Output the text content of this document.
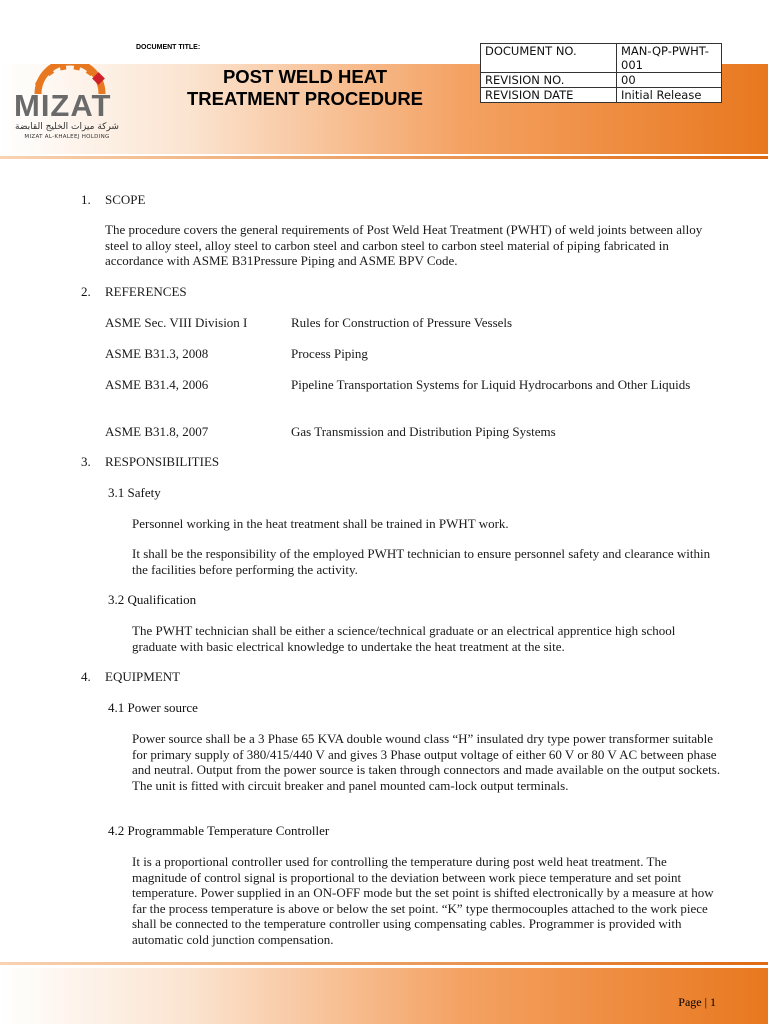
MIZAT
شركة ميزات الخليج القابضة
MIZAT AL-KHALEEJ HOLDING
DOCUMENT TITLE:
POST WELD HEAT
TREATMENT PROCEDURE
DOCUMENT NO.	MAN-QP-PWHT-001
REVISION NO.	00
REVISION DATE	Initial Release
1. SCOPE
The procedure covers the general requirements of Post Weld Heat Treatment (PWHT) of weld joints between alloy steel to alloy steel, alloy steel to carbon steel and carbon steel to carbon steel material of piping fabricated in accordance with ASME B31Pressure Piping and ASME BPV Code.
2. REFERENCES
ASME Sec. VIII Division I	Rules for Construction of Pressure Vessels
ASME B31.3, 2008	Process Piping
ASME B31.4, 2006	Pipeline Transportation Systems for Liquid Hydrocarbons and Other Liquids
ASME B31.8, 2007	Gas Transmission and Distribution Piping Systems
3. RESPONSIBILITIES
3.1 Safety
Personnel working in the heat treatment shall be trained in PWHT work.
It shall be the responsibility of the employed PWHT technician to ensure personnel safety and clearance within the facilities before performing the activity.
3.2 Qualification
The PWHT technician shall be either a science/technical graduate or an electrical apprentice high school graduate with basic electrical knowledge to undertake the heat treatment at the site.
4. EQUIPMENT
4.1 Power source
Power source shall be a 3 Phase 65 KVA double wound class “H” insulated dry type power transformer suitable for primary supply of 380/415/440 V and gives 3 Phase output voltage of either 60 V or 80 V AC between phase and neutral. Output from the power source is taken through connectors and made available on the output sockets. The unit is fitted with circuit breaker and panel mounted cam-lock output terminals.
4.2 Programmable Temperature Controller
It is a proportional controller used for controlling the temperature during post weld heat treatment. The magnitude of control signal is proportional to the deviation between work piece temperature and set point temperature. Power supplied in an ON-OFF mode but the set point is shifted electronically by a measure at how far the process temperature is above or below the set point. “K” type thermocouples attached to the work piece shall be connected to the temperature controller using compensating cables. Programmer is provided with automatic cold junction compensation.
Page | 1
